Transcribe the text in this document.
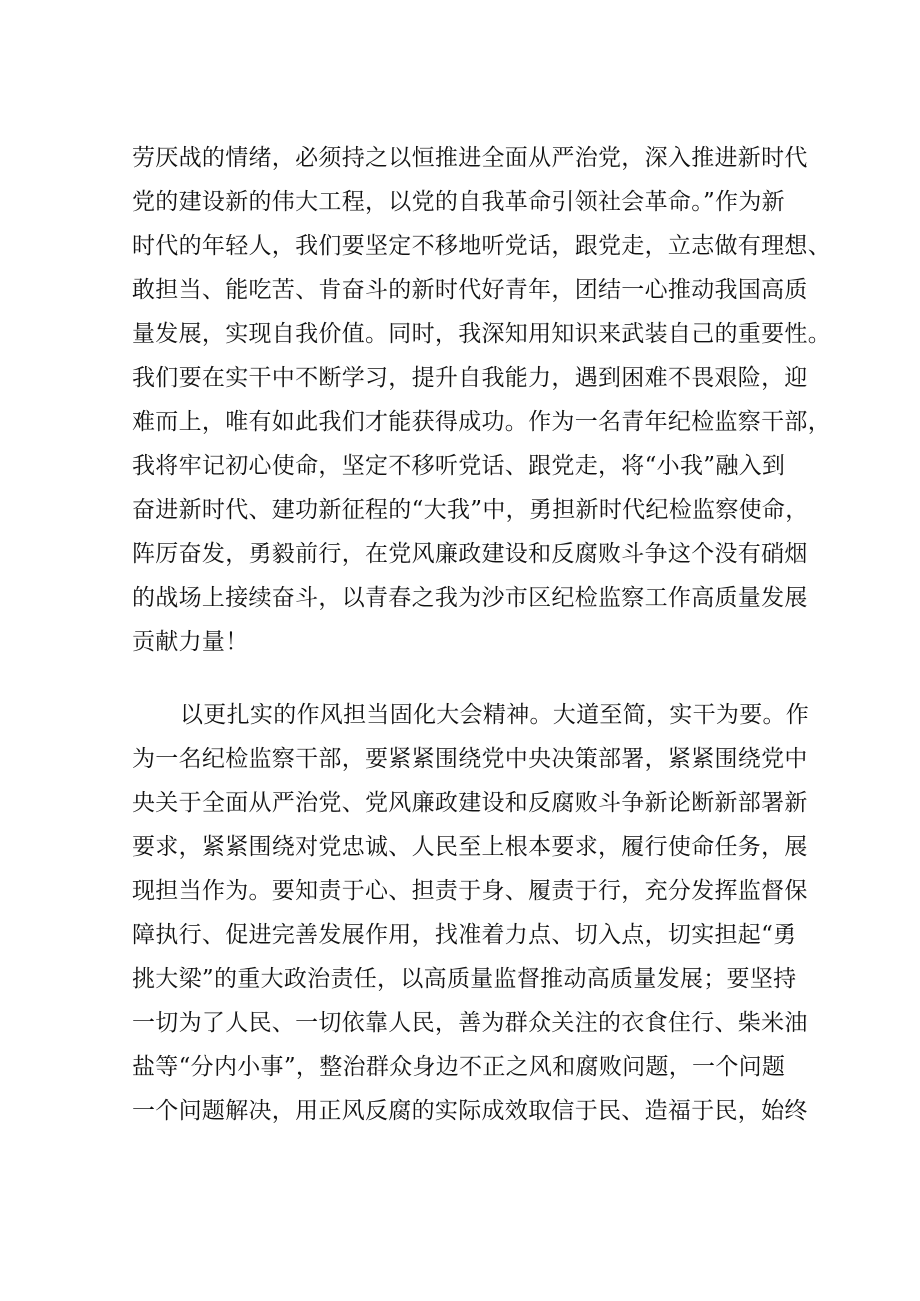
劳厌战的情绪，必须持之以恒推进全面从严治党，深入推进新时代
党的建设新的伟大工程，以党的自我革命引领社会革命。”作为新
时代的年轻人，我们要坚定不移地听党话，跟党走，立志做有理想、
敢担当、能吃苦、肯奋斗的新时代好青年，团结一心推动我国高质
量发展，实现自我价值。同时，我深知用知识来武装自己的重要性。
我们要在实干中不断学习，提升自我能力，遇到困难不畏艰险，迎
难而上，唯有如此我们才能获得成功。作为一名青年纪检监察干部，
我将牢记初心使命，坚定不移听党话、跟党走，将“小我”融入到
奋进新时代、建功新征程的“大我”中，勇担新时代纪检监察使命，
阵厉奋发，勇毅前行，在党风廉政建设和反腐败斗争这个没有硝烟
的战场上接续奋斗，以青春之我为沙市区纪检监察工作高质量发展
贡献力量！
以更扎实的作风担当固化大会精神。大道至简，实干为要。作
为一名纪检监察干部，要紧紧围绕党中央决策部署，紧紧围绕党中
央关于全面从严治党、党风廉政建设和反腐败斗争新论断新部署新
要求，紧紧围绕对党忠诚、人民至上根本要求，履行使命任务，展
现担当作为。要知责于心、担责于身、履责于行，充分发挥监督保
障执行、促进完善发展作用，找准着力点、切入点，切实担起“勇
挑大梁”的重大政治责任，以高质量监督推动高质量发展；要坚持
一切为了人民、一切依靠人民，善为群众关注的衣食住行、柴米油
盐等“分内小事”，整治群众身边不正之风和腐败问题，一个问题
一个问题解决，用正风反腐的实际成效取信于民、造福于民，始终
